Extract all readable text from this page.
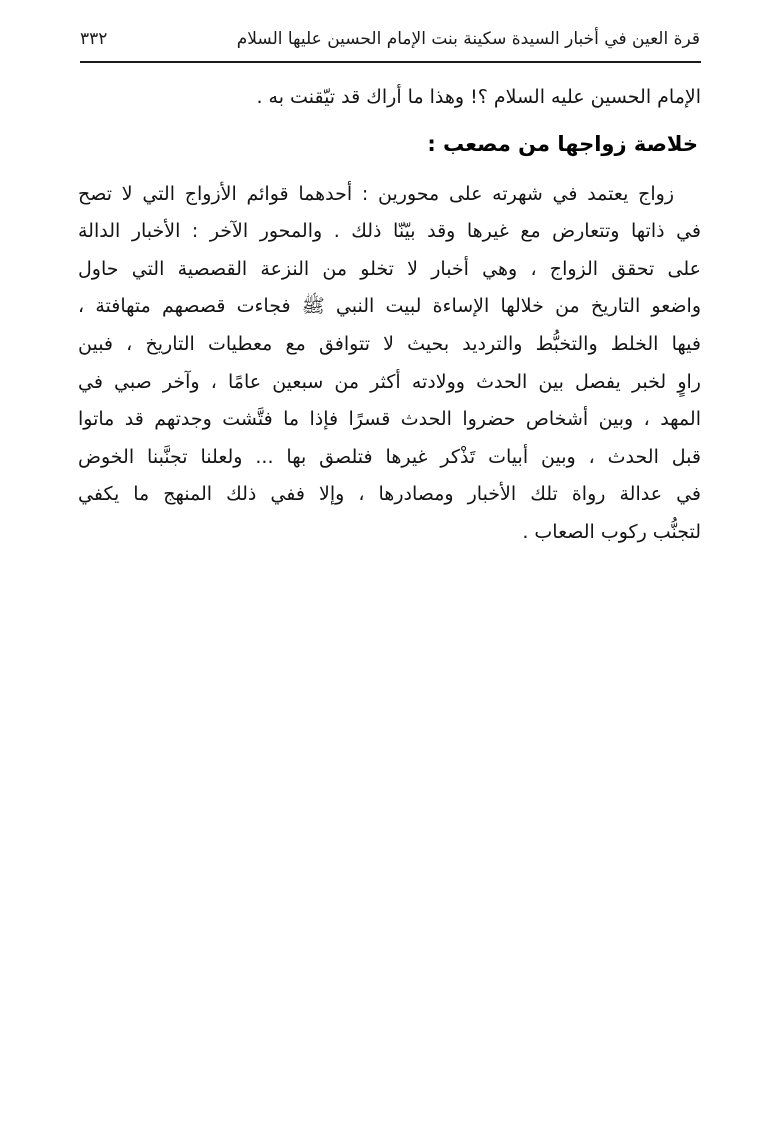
قرة العين في أخبار السيدة سكينة بنت الإمام الحسين عليها السلام
٣٣٢
الإمام الحسين عليه السلام ؟! وهذا ما أراك قد تيّقنت به .
خلاصة زواجها من مصعب :
زواج يعتمد في شهرته على محورين : أحدهما قوائم الأزواج التي لا تصح
في ذاتها وتتعارض مع غيرها وقد بيّنّا ذلك . والمحور الآخر : الأخبار الدالة
على تحقق الزواج ، وهي أخبار لا تخلو من النزعة القصصية التي حاول
واضعو التاريخ من خلالها الإساءة لبيت النبي ﷺ فجاءت قصصهم متهافتة ،
فيها الخلط والتخبُّط والترديد بحيث لا تتوافق مع معطيات التاريخ ، فبين
راوٍ لخبر يفصل بين الحدث وولادته أكثر من سبعين عامًا ، وآخر صبي في
المهد ، وبين أشخاص حضروا الحدث قسرًا فإذا ما فتَّشت وجدتهم قد ماتوا
قبل الحدث ، وبين أبيات تَذْكر غيرها فتلصق بها ... ولعلنا تجنَّبنا الخوض
في عدالة رواة تلك الأخبار ومصادرها ، وإلا ففي ذلك المنهج ما يكفي
لتجنُّب ركوب الصعاب .
